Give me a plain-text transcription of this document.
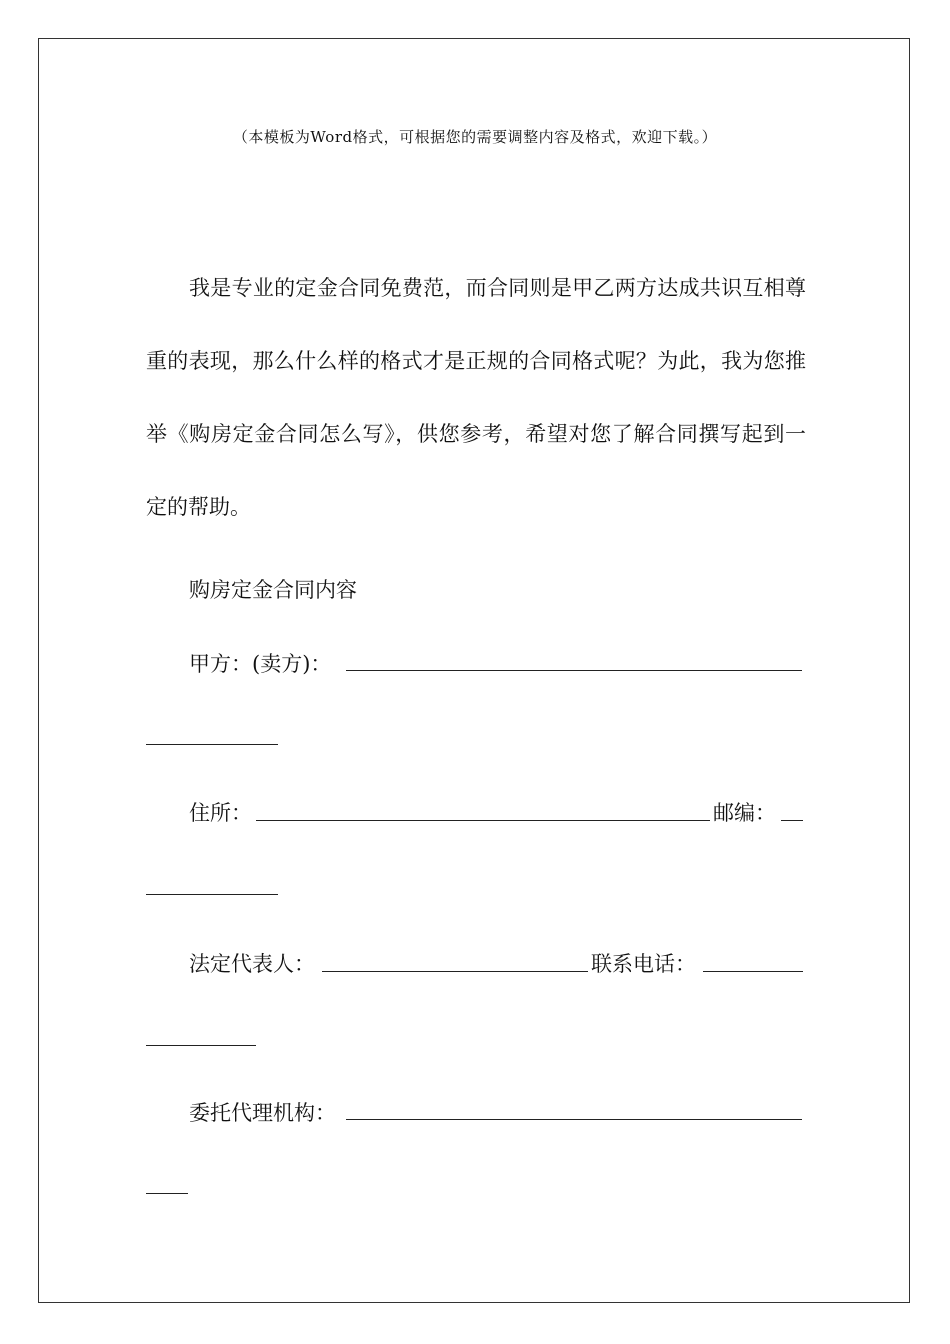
（本模板为Word格式，可根据您的需要调整内容及格式，欢迎下载。）

我是专业的定金合同免费范，而合同则是甲乙两方达成共识互相尊重的表现，那么什么样的格式才是正规的合同格式呢？为此，我为您推举《购房定金合同怎么写》，供您参考，希望对您了解合同撰写起到一定的帮助。

购房定金合同内容
甲方：(卖方)：
住所：	邮编：
法定代表人：	联系电话：
委托代理机构：
